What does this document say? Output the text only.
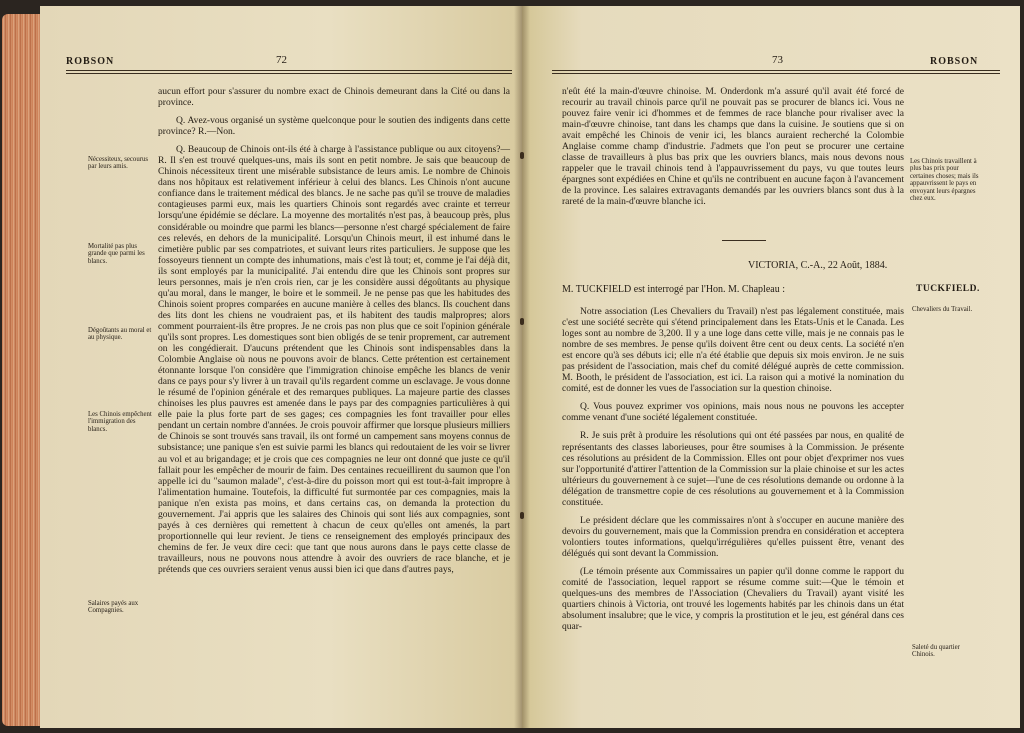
ROBSON	72
Nécessiteux, secourus par leurs amis.
Mortalité pas plus grande que parmi les blancs.
Dégoûtants au moral et au physique.
Les Chinois empêchent l'immigration des blancs.
Salaires payés aux Compagnies.

aucun effort pour s'assurer du nombre exact de Chinois demeurant dans la Cité ou dans la province.

Q. Avez-vous organisé un système quelconque pour le soutien des indigents dans cette province? R.—Non.

Q. Beaucoup de Chinois ont-ils été à charge à l'assistance publique ou aux citoyens?—R. Il s'en est trouvé quelques-uns, mais ils sont en petit nombre. Je sais que beaucoup de Chinois nécessiteux tirent une misérable subsistance de leurs amis. Le nombre de Chinois dans nos hôpitaux est relativement inférieur à celui des blancs. Les Chinois n'ont aucune confiance dans le traitement médical des blancs. Je ne sache pas qu'il se trouve de maladies contagieuses parmi eux, mais les quartiers Chinois sont regardés avec crainte et terreur lorsqu'une épidémie se déclare. La moyenne des mortalités n'est pas, à beaucoup près, plus considérable ou moindre que parmi les blancs—personne n'est chargé spécialement de faire ces relevés, en dehors de la municipalité. Lorsqu'un Chinois meurt, il est inhumé dans le cimetière public par ses compatriotes, et suivant leurs rites particuliers. Je suppose que les fossoyeurs tiennent un compte des inhumations, mais c'est là tout; et, comme je l'ai déjà dit, ils sont employés par la municipalité. J'ai entendu dire que les Chinois sont propres sur leurs personnes, mais je n'en crois rien, car je les considère aussi dégoûtants au physique qu'au moral, dans le manger, le boire et le sommeil. Je ne pense pas que les habitudes des Chinois soient propres comparées en aucune manière à celles des blancs. Ils couchent dans des lits dont les chiens ne voudraient pas, et ils habitent des taudis malpropres; alors comment pourraient-ils être propres. Je ne crois pas non plus que ce soit l'opinion générale qu'ils sont propres. Les domestiques sont bien obligés de se tenir proprement, car autrement on les congédierait. D'aucuns prétendent que les Chinois sont indispensables dans la Colombie Anglaise où nous ne pouvons avoir de blancs. Cette prétention est certainement étonnante lorsque l'on considère que l'immigration chinoise empêche les blancs de venir dans ce pays pour s'y livrer à un travail qu'ils regardent comme un esclavage. Je vous donne le résumé de l'opinion générale et des remarques publiques. La majeure partie des classes chinoises les plus pauvres est amenée dans le pays par des compagnies particulières à qui elle paie la plus forte part de ses gages; ces compagnies les font travailler pour elles pendant un certain nombre d'années. Je crois pouvoir affirmer que lorsque plusieurs milliers de Chinois se sont trouvés sans travail, ils ont formé un campement sans moyens connus de subsistance; une panique s'en est suivie parmi les blancs qui redoutaient de les voir se livrer au vol et au brigandage; et je crois que ces compagnies ne leur ont donné que juste ce qu'il fallait pour les empêcher de mourir de faim. Des centaines recueillirent du saumon que l'on appelle ici du "saumon malade", c'est-à-dire du poisson mort qui est tout-à-fait impropre à l'alimentation humaine. Toutefois, la difficulté fut surmontée par ces compagnies, mais la panique n'en exista pas moins, et dans certains cas, on demanda la protection du gouvernement. J'ai appris que les salaires des Chinois qui sont liés aux compagnies, sont payés à ces dernières qui remettent à chacun de ceux qu'elles ont amenés, la part proportionnelle qui leur revient. Je tiens ce renseignement des employés principaux des chemins de fer. Je veux dire ceci: que tant que nous aurons dans le pays cette classe de travailleurs, nous ne pouvons nous attendre à avoir des ouvriers de race blanche, et je prétends que ces ouvriers seraient venus aussi bien ici que dans d'autres pays,

73	ROBSON

n'eût été la main-d'œuvre chinoise. M. Onderdonk m'a assuré qu'il avait été forcé de recourir au travail chinois parce qu'il ne pouvait pas se procurer de blancs ici. Vous ne pouvez faire venir ici d'hommes et de femmes de race blanche pour rivaliser avec la main-d'œuvre chinoise, tant dans les champs que dans la cuisine. Je soutiens que si on avait empêché les Chinois de venir ici, les blancs auraient recherché la Colombie Anglaise comme champ d'industrie. J'admets que l'on peut se procurer une certaine classe de travailleurs à plus bas prix que les ouvriers blancs, mais nous devons nous rappeler que le travail chinois tend à l'appauvrissement du pays, vu que toutes leurs épargnes sont expédiées en Chine et qu'ils ne contribuent en aucune façon à l'avancement de la province. Les salaires extravagants demandés par les ouvriers blancs sont dus à la rareté de la main-d'œuvre blanche ici.

Les Chinois travaillent à plus bas prix pour certaines choses; mais ils appauvrissent le pays en envoyant leurs épargnes chez eux.
VICTORIA, C.-A., 22 Août, 1884.
M. TUCKFIELD est interrogé par l'Hon. M. Chapleau :	TUCKFIELD.
Chevaliers du Travail.
Saleté du quartier Chinois.

Notre association (Les Chevaliers du Travail) n'est pas légalement constituée, mais c'est une société secrète qui s'étend principalement dans les Etats-Unis et le Canada. Les loges sont au nombre de 3,200. Il y a une loge dans cette ville, mais je ne connais pas le nombre de ses membres. Je pense qu'ils doivent être cent ou deux cents. La société n'en est encore qu'à ses débuts ici; elle n'a été établie que depuis six mois environ. Je ne suis pas président de l'association, mais chef du comité délégué auprès de cette commission. M. Booth, le président de l'association, est ici. La raison qui a motivé la nomination du comité, est de donner les vues de l'association sur la question chinoise.

Q. Vous pouvez exprimer vos opinions, mais nous nous ne pouvons les accepter comme venant d'une société légalement constituée.

R. Je suis prêt à produire les résolutions qui ont été passées par nous, en qualité de représentants des classes laborieuses, pour être soumises à la Commission. Je présente ces résolutions au président de la Commission. Elles ont pour objet d'exprimer nos vues sur l'opportunité d'attirer l'attention de la Commission sur la plaie chinoise et sur les actes ultérieurs du gouvernement à ce sujet—l'une de ces résolutions demande ou ordonne à la délégation de transmettre copie de ces résolutions au gouvernement et à la Commission constituée.

Le président déclare que les commissaires n'ont à s'occuper en aucune manière des devoirs du gouvernement, mais que la Commission prendra en considération et acceptera volontiers toutes informations, quelqu'irrégulières qu'elles puissent être, venant des délégués qui sont devant la Commission.

(Le témoin présente aux Commissaires un papier qu'il donne comme le rapport du comité de l'association, lequel rapport se résume comme suit:—Que le témoin et quelques-uns des membres de l'Association (Chevaliers du Travail) ayant visité les quartiers chinois à Victoria, ont trouvé les logements habités par les chinois dans un état absolument insalubre; que le vice, y compris la prostitution et le jeu, est général dans ces quar-
